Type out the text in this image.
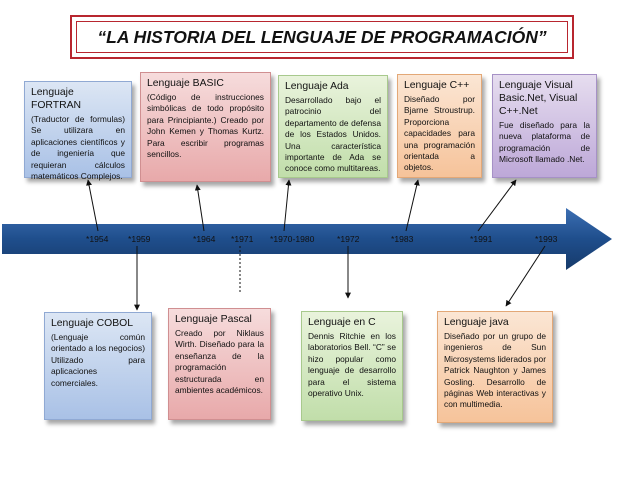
“LA HISTORIA DEL LENGUAJE DE PROGRAMACIÓN”
*1954 *1959	*1964 *1971 *1970-1980	*1972	*1983	*1991	*1993
Lenguaje FORTRAN
(Traductor de formulas) Se utilizara en aplicaciones científicos y de ingeniería que requieran cálculos matemáticos Complejos.
Lenguaje BASIC
(Código de instrucciones simbólicas de todo propósito para Principiante.) Creado por John Kemen y Thomas Kurtz. Para escribir programas sencillos.
Lenguaje Ada
Desarrollado bajo el patrocinio del departamento de defensa de los Estados Unidos. Una característica importante de Ada se conoce como multitareas.
Lenguaje C++
Diseñado por Bjarne Stroustrup. Proporciona capacidades para una programación orientada a objetos.
Lenguaje Visual Basic.Net, Visual C++.Net
Fue diseñado para la nueva plataforma de programación de Microsoft llamado .Net.
Lenguaje COBOL
(Lenguaje común orientado a los negocios) Utilizado para aplicaciones comerciales.
Lenguaje Pascal
Creado por Niklaus Wirth. Diseñado para la enseñanza de la programación estructurada en ambientes académicos.
Lenguaje en C
Dennis Ritchie en los laboratorios Bell. “C” se hizo popular como lenguaje de desarrollo para el sistema operativo Unix.
Lenguaje java
Diseñado por un grupo de ingenieros de Sun Microsystems liderados por Patrick Naughton y James Gosling. Desarrollo de páginas Web interactivas y con multimedia.
